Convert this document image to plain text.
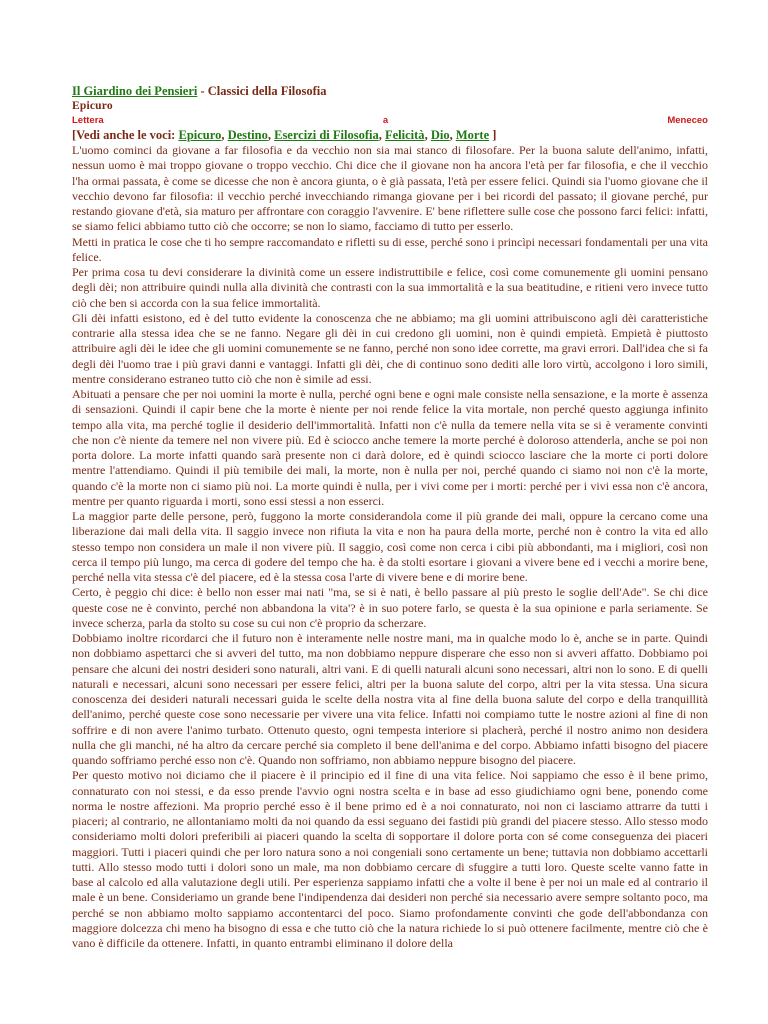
Il Giardino dei Pensieri - Classici della Filosofia
Epicuro
Lettera	a	Meneceo
[Vedi anche le voci: Epicuro, Destino, Esercizi di Filosofia, Felicità, Dio, Morte ]

L'uomo cominci da giovane a far filosofia e da vecchio non sia mai stanco di filosofare. Per la buona salute dell'animo, infatti, nessun uomo è mai troppo giovane o troppo vecchio. Chi dice che il giovane non ha ancora l'età per far filosofia, e che il vecchio l'ha ormai passata, è come se dicesse che non è ancora giunta, o è già passata, l'età per essere felici. Quindi sia l'uomo giovane che il vecchio devono far filosofia: il vecchio perché invecchiando rimanga giovane per i bei ricordi del passato; il giovane perché, pur restando giovane d'età, sia maturo per affrontare con coraggio l'avvenire. E' bene riflettere sulle cose che possono farci felici: infatti, se siamo felici abbiamo tutto ciò che occorre; se non lo siamo, facciamo di tutto per esserlo.

Metti in pratica le cose che ti ho sempre raccomandato e rifletti su di esse, perché sono i princìpi necessari fondamentali per una vita felice.

Per prima cosa tu devi considerare la divinità come un essere indistruttibile e felice, così come comunemente gli uomini pensano degli dèi; non attribuire quindi nulla alla divinità che contrasti con la sua immortalità e la sua beatitudine, e ritieni vero invece tutto ciò che ben si accorda con la sua felice immortalità.

Gli dèi infatti esistono, ed è del tutto evidente la conoscenza che ne abbiamo; ma gli uomini attribuiscono agli dèi caratteristiche contrarie alla stessa idea che se ne fanno. Negare gli dèi in cui credono gli uomini, non è quindi empietà. Empietà è piuttosto attribuire agli dèi le idee che gli uomini comunemente se ne fanno, perché non sono idee corrette, ma gravi errori. Dall'idea che si fa degli dèi l'uomo trae i più gravi danni e vantaggi. Infatti gli dèi, che di continuo sono dediti alle loro virtù, accolgono i loro simili, mentre considerano estraneo tutto ciò che non è simile ad essi.

Abituati a pensare che per noi uomini la morte è nulla, perché ogni bene e ogni male consiste nella sensazione, e la morte è assenza di sensazioni. Quindi il capir bene che la morte è niente per noi rende felice la vita mortale, non perché questo aggiunga infinito tempo alla vita, ma perché toglie il desiderio dell'immortalità. Infatti non c'è nulla da temere nella vita se si è veramente convinti che non c'è niente da temere nel non vivere più. Ed è sciocco anche temere la morte perché è doloroso attenderla, anche se poi non porta dolore. La morte infatti quando sarà presente non ci darà dolore, ed è quindi sciocco lasciare che la morte ci porti dolore mentre l'attendiamo. Quindi il più temibile dei mali, la morte, non è nulla per noi, perché quando ci siamo noi non c'è la morte, quando c'è la morte non ci siamo più noi. La morte quindi è nulla, per i vivi come per i morti: perché per i vivi essa non c'è ancora, mentre per quanto riguarda i morti, sono essi stessi a non esserci.

La maggior parte delle persone, però, fuggono la morte considerandola come il più grande dei mali, oppure la cercano come una liberazione dai mali della vita. Il saggio invece non rifiuta la vita e non ha paura della morte, perché non è contro la vita ed allo stesso tempo non considera un male il non vivere più. Il saggio, così come non cerca i cibi più abbondanti, ma i migliori, così non cerca il tempo più lungo, ma cerca di godere del tempo che ha. è da stolti esortare i giovani a vivere bene ed i vecchi a morire bene, perché nella vita stessa c'è del piacere, ed è la stessa cosa l'arte di vivere bene e di morire bene.

Certo, è peggio chi dice: è bello non esser mai nati "ma, se si è nati, è bello passare al più presto le soglie dell'Ade". Se chi dice queste cose ne è convinto, perché non abbandona la vita'? è in suo potere farlo, se questa è la sua opinione e parla seriamente. Se invece scherza, parla da stolto su cose su cui non c'è proprio da scherzare.

Dobbiamo inoltre ricordarci che il futuro non è interamente nelle nostre mani, ma in qualche modo lo è, anche se in parte. Quindi non dobbiamo aspettarci che si avveri del tutto, ma non dobbiamo neppure disperare che esso non si avveri affatto. Dobbiamo poi pensare che alcuni dei nostri desideri sono naturali, altri vani. E di quelli naturali alcuni sono necessari, altri non lo sono. E di quelli naturali e necessari, alcuni sono necessari per essere felici, altri per la buona salute del corpo, altri per la vita stessa. Una sicura conoscenza dei desideri naturali necessari guida le scelte della nostra vita al fine della buona salute del corpo e della tranquillità dell'animo, perché queste cose sono necessarie per vivere una vita felice. Infatti noi compiamo tutte le nostre azioni al fine di non soffrire e di non avere l'animo turbato. Ottenuto questo, ogni tempesta interiore si placherà, perché il nostro animo non desidera nulla che gli manchi, né ha altro da cercare perché sia completo il bene dell'anima e del corpo. Abbiamo infatti bisogno del piacere quando soffriamo perché esso non c'è. Quando non soffriamo, non abbiamo neppure bisogno del piacere.

Per questo motivo noi diciamo che il piacere è il principio ed il fine di una vita felice. Noi sappiamo che esso è il bene primo, connaturato con noi stessi, e da esso prende l'avvio ogni nostra scelta e in base ad esso giudichiamo ogni bene, ponendo come norma le nostre affezioni. Ma proprio perché esso è il bene primo ed è a noi connaturato, noi non ci lasciamo attrarre da tutti i piaceri; al contrario, ne allontaniamo molti da noi quando da essi seguano dei fastidi più grandi del piacere stesso. Allo stesso modo consideriamo molti dolori preferibili ai piaceri quando la scelta di sopportare il dolore porta con sé come conseguenza dei piaceri maggiori. Tutti i piaceri quindi che per loro natura sono a noi congeniali sono certamente un bene; tuttavia non dobbiamo accettarli tutti. Allo stesso modo tutti i dolori sono un male, ma non dobbiamo cercare di sfuggire a tutti loro. Queste scelte vanno fatte in base al calcolo ed alla valutazione degli utili. Per esperienza sappiamo infatti che a volte il bene è per noi un male ed al contrario il male è un bene. Consideriamo un grande bene l'indipendenza dai desideri non perché sia necessario avere sempre soltanto poco, ma perché se non abbiamo molto sappiamo accontentarci del poco. Siamo profondamente convinti che gode dell'abbondanza con maggiore dolcezza chi meno ha bisogno di essa e che tutto ciò che la natura richiede lo si può ottenere facilmente, mentre ciò che è vano è difficile da ottenere. Infatti, in quanto entrambi eliminano il dolore della
